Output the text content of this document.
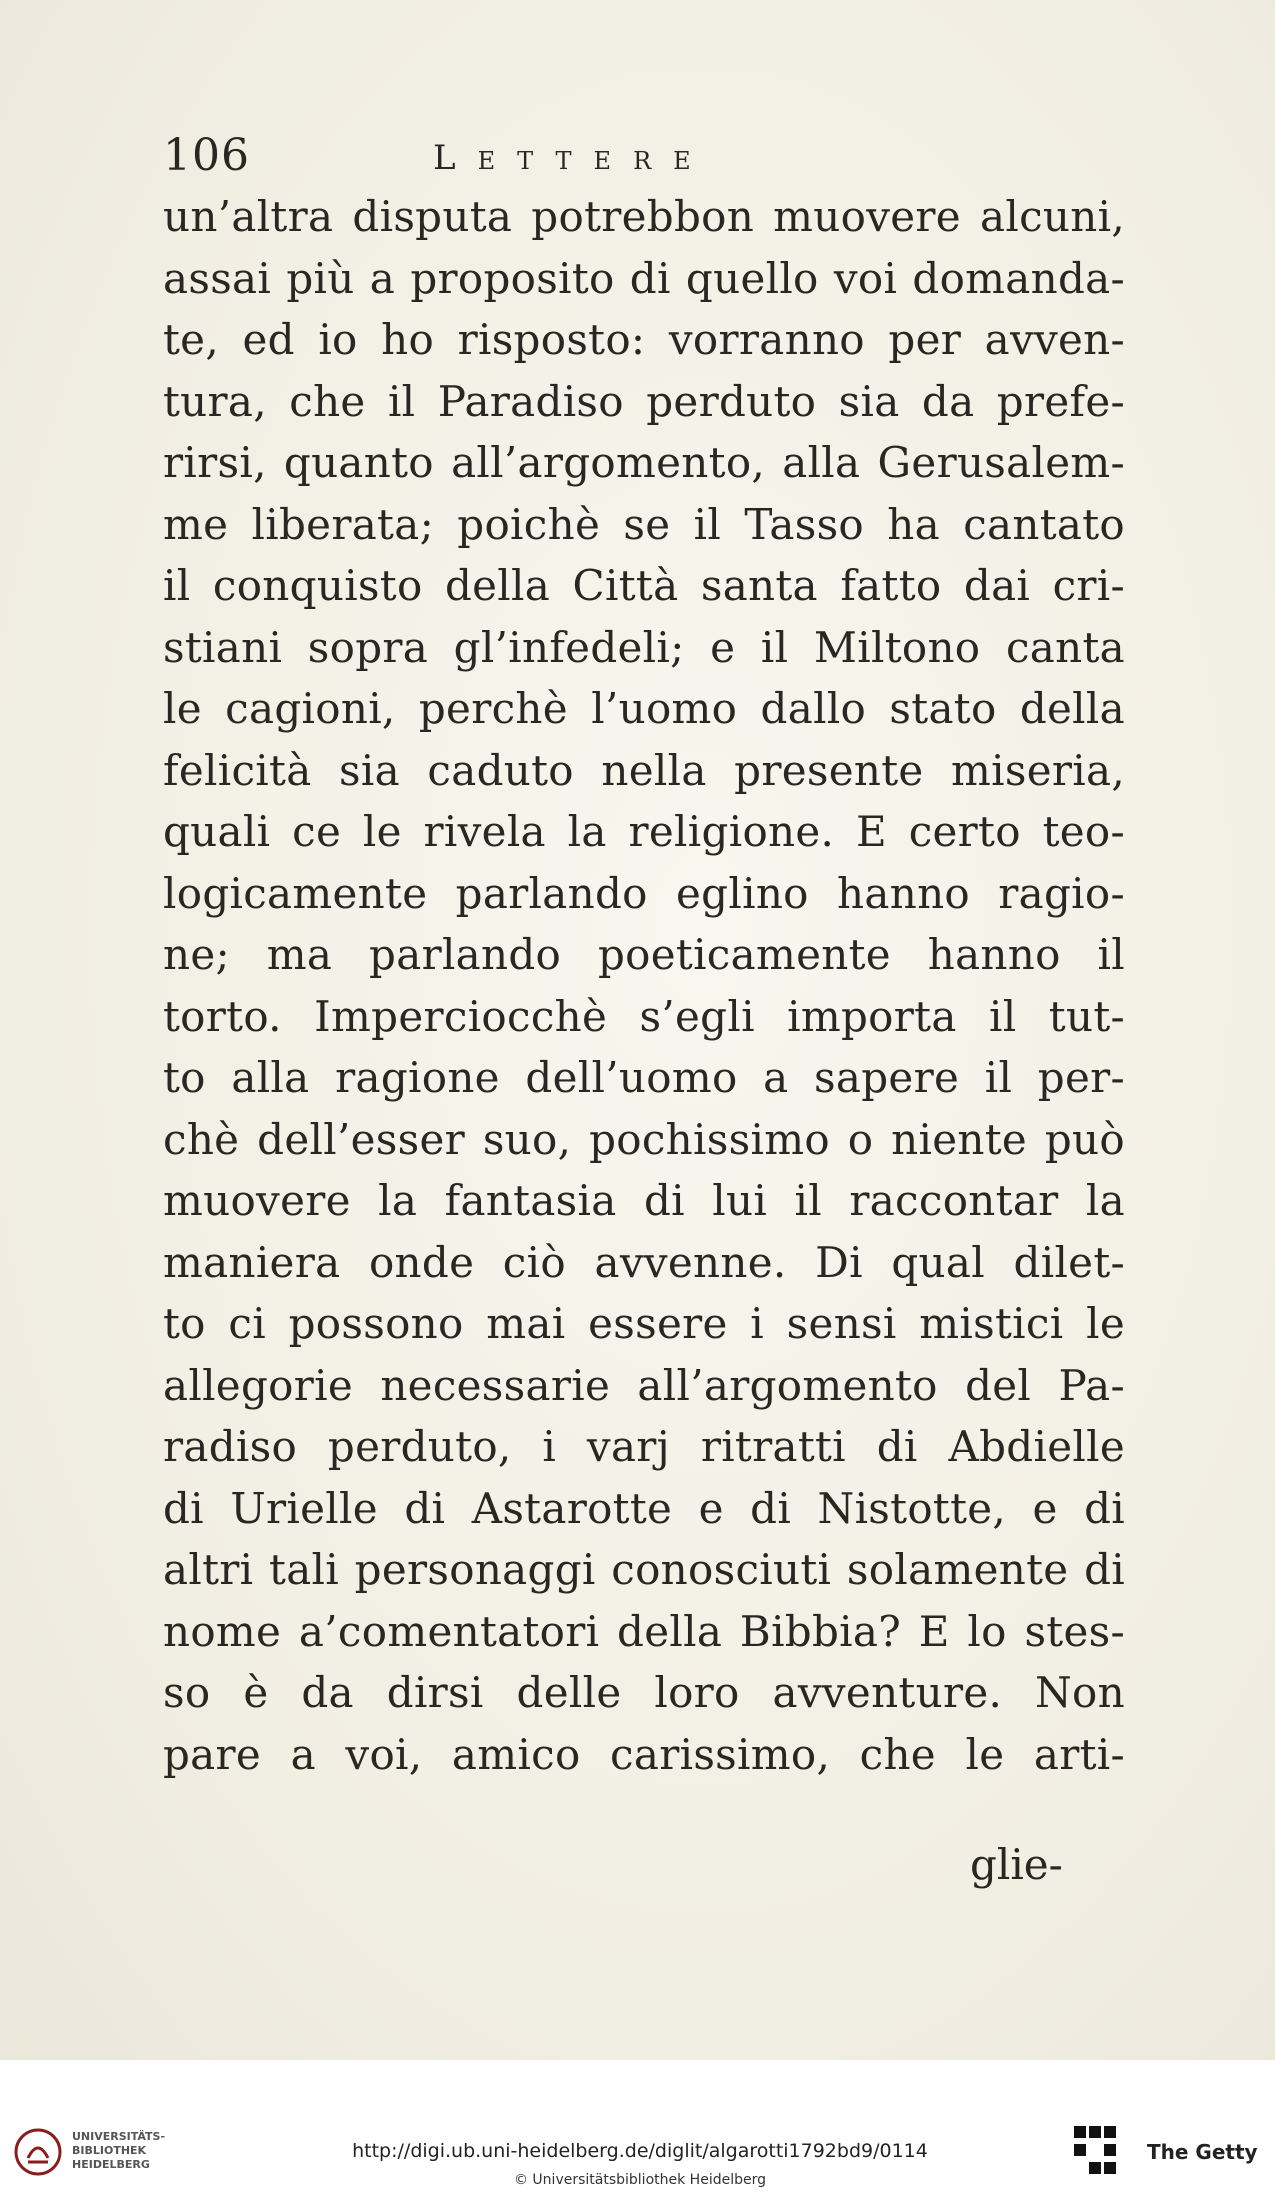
106	Lettere
un’altra disputa potrebbon muovere alcuni,
assai più a proposito di quello voi domanda-
te, ed io ho risposto: vorranno per avven-
tura, che il Paradiso perduto sia da prefe-
rirsi, quanto all’argomento, alla Gerusalem-
me liberata; poichè se il Tasso ha cantato
il conquisto della Città santa fatto dai cri-
stiani sopra gl’infedeli; e il Miltono canta
le cagioni, perchè l’uomo dallo stato della
felicità sia caduto nella presente miseria,
quali ce le rivela la religione. E certo teo-
logicamente parlando eglino hanno ragio-
ne; ma parlando poeticamente hanno il
torto. Imperciocchè s’egli importa il tut-
to alla ragione dell’uomo a sapere il per-
chè dell’esser suo, pochissimo o niente può
muovere la fantasia di lui il raccontar la
maniera onde ciò avvenne. Di qual dilet-
to ci possono mai essere i sensi mistici le
allegorie necessarie all’argomento del Pa-
radiso perduto, i varj ritratti di Abdielle
di Urielle di Astarotte e di Nistotte, e di
altri tali personaggi conosciuti solamente di
nome a’comentatori della Bibbia? E lo stes-
so è da dirsi delle loro avventure. Non
pare a voi, amico carissimo, che le arti-
glie-
UNIVERSITÄTS-
BIBLIOTHEK
HEIDELBERG
http://digi.ub.uni-heidelberg.de/diglit/algarotti1792bd9/0114
© Universitätsbibliothek Heidelberg
The Getty
